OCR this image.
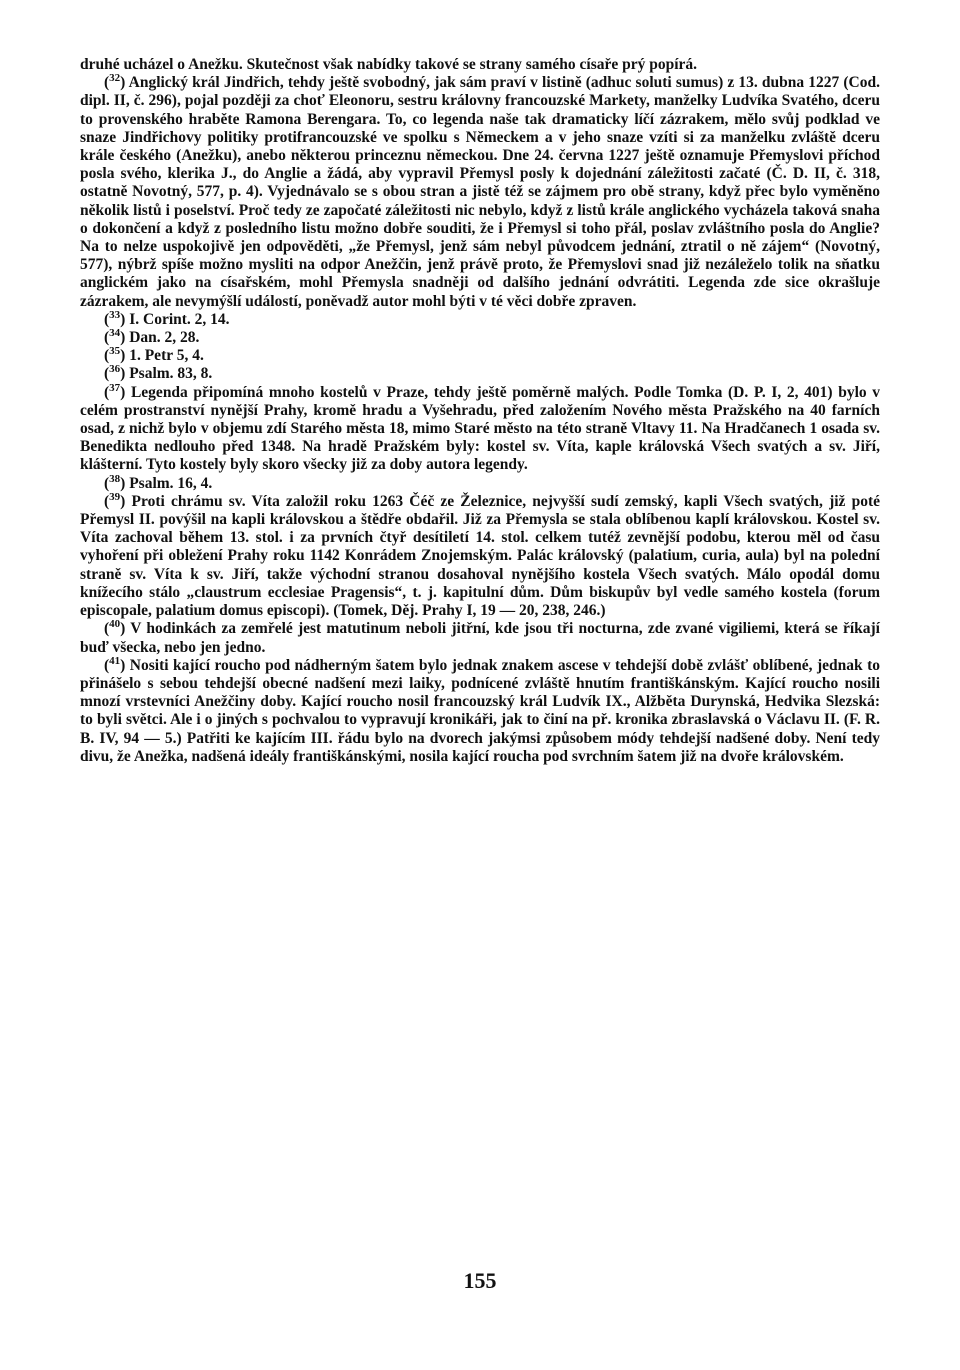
druhé ucházel o Anežku. Skutečnost však nabídky takové se strany samého císaře prý popírá.

($^{32}$) Anglický král Jindřich, tehdy ještě svobodný, jak sám praví v listině (adhuc soluti sumus) z 13. dubna 1227 (Cod. dipl. II, č. 296), pojal později za choť Eleonoru, sestru královny francouzské Markety, manželky Ludvíka Svatého, dceru to provenského hraběte Ramona Berengara. To, co legenda naše tak dramaticky líčí zázrakem, mělo svůj podklad ve snaze Jindřichovy politiky protifrancouzské ve spolku s Německem a v jeho snaze vzíti si za manželku zvláště dceru krále českého (Anežku), anebo některou princeznu německou. Dne 24. června 1227 ještě oznamuje Přemyslovi příchod posla svého, klerika J., do Anglie a žádá, aby vypravil Přemysl posly k dojednání záležitosti začaté (Č. D. II, č. 318, ostatně Novotný, 577, p. 4). Vyjednávalo se s obou stran a jistě též se zájmem pro obě strany, když přec bylo vyměněno několik listů i poselství. Proč tedy ze započaté záležitosti nic nebylo, když z listů krále anglického vycházela taková snaha o dokončení a když z posledního listu možno dobře souditi, že i Přemysl si toho přál, poslav zvláštního posla do Anglie? Na to nelze uspokojivě jen odpověděti, „že Přemysl, jenž sám nebyl původcem jednání, ztratil o ně zájem“ (Novotný, 577), nýbrž spíše možno mysliti na odpor Anežčin, jenž právě proto, že Přemyslovi snad již nezáleželo tolik na sňatku anglickém jako na císařském, mohl Přemysla snadněji od dalšího jednání odvrátiti. Legenda zde sice okrašluje zázrakem, ale nevymýšlí událostí, poněvadž autor mohl býti v té věci dobře zpraven.

($^{33}$) I. Corint. 2, 14.

($^{34}$) Dan. 2, 28.

($^{35}$) 1. Petr 5, 4.

($^{36}$) Psalm. 83, 8.

($^{37}$) Legenda připomíná mnoho kostelů v Praze, tehdy ještě poměrně malých. Podle Tomka (D. P. I, 2, 401) bylo v celém prostranství nynější Prahy, kromě hradu a Vyšehradu, před založením Nového města Pražského na 40 farních osad, z nichž bylo v objemu zdí Starého města 18, mimo Staré město na této straně Vltavy 11. Na Hradčanech 1 osada sv. Benedikta nedlouho před 1348. Na hradě Pražském byly: kostel sv. Víta, kaple královská Všech svatých a sv. Jiří, klášterní. Tyto kostely byly skoro všecky již za doby autora legendy.

($^{38}$) Psalm. 16, 4.

($^{39}$) Proti chrámu sv. Víta založil roku 1263 Čéč ze Železnice, nejvyšší sudí zemský, kapli Všech svatých, již poté Přemysl II. povýšil na kapli královskou a štědře obdařil. Již za Přemysla se stala oblíbenou kaplí královskou. Kostel sv. Víta zachoval během 13. stol. i za prvních čtyř desítiletí 14. stol. celkem tutéž zevnější podobu, kterou měl od času vyhoření při obležení Prahy roku 1142 Konrádem Znojemským. Palác královský (palatium, curia, aula) byl na polední straně sv. Víta k sv. Jiří, takže východní stranou dosahoval nynějšího kostela Všech svatých. Málo opodál domu knížecího stálo „claustrum ecclesiae Pragensis“, t. j. kapitulní dům. Dům biskupův byl vedle samého kostela (forum episcopale, palatium domus episcopi). (Tomek, Děj. Prahy I, 19 — 20, 238, 246.)

($^{40}$) V hodinkách za zemřelé jest matutinum neboli jitřní, kde jsou tři nocturna, zde zvané vigiliemi, která se říkají buď všecka, nebo jen jedno.

($^{41}$) Nositi kající roucho pod nádherným šatem bylo jednak znakem ascese v tehdejší době zvlášť oblíbené, jednak to přinášelo s sebou tehdejší obecné nadšení mezi laiky, podnícené zvláště hnutím františkánským. Kající roucho nosili mnozí vrstevníci Anežčiny doby. Kající roucho nosil francouzský král Ludvík IX., Alžběta Durynská, Hedvika Slezská: to byli světci. Ale i o jiných s pochvalou to vypravují kronikáři, jak to činí na př. kronika zbraslavská o Václavu II. (F. R. B. IV, 94 — 5.) Patřiti ke kajícím III. řádu bylo na dvorech jakýmsi způsobem módy tehdejší nadšené doby. Není tedy divu, že Anežka, nadšená ideály františkánskými, nosila kající roucha pod svrchním šatem již na dvoře královském.

155
